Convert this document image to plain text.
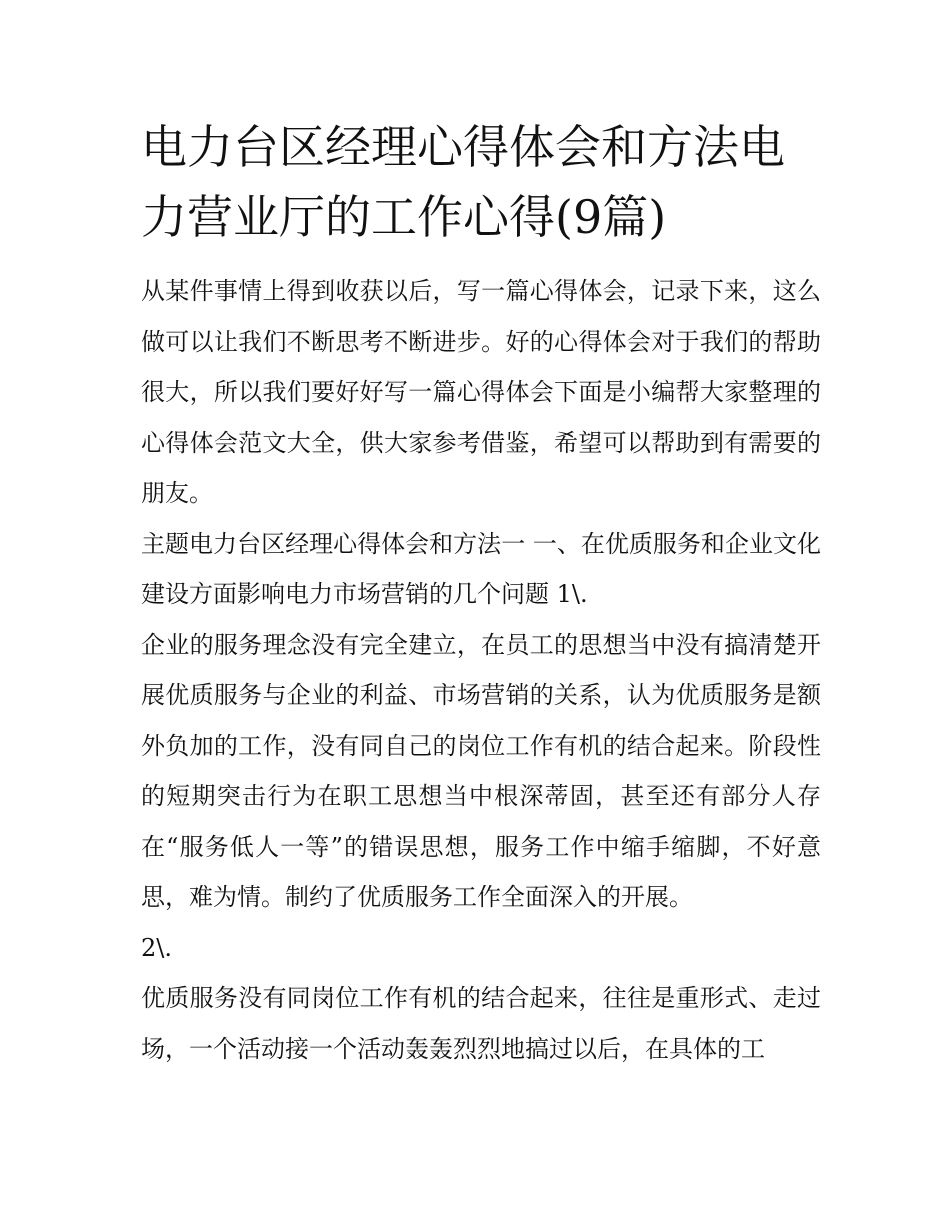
电力台区经理心得体会和方法电力营业厅的工作心得(9篇)

从某件事情上得到收获以后，写一篇心得体会，记录下来，这么做可以让我们不断思考不断进步。好的心得体会对于我们的帮助很大，所以我们要好好写一篇心得体会下面是小编帮大家整理的心得体会范文大全，供大家参考借鉴，希望可以帮助到有需要的朋友。

主题电力台区经理心得体会和方法一 一、在优质服务和企业文化建设方面影响电力市场营销的几个问题 1\.

企业的服务理念没有完全建立，在员工的思想当中没有搞清楚开展优质服务与企业的利益、市场营销的关系，认为优质服务是额外负加的工作，没有同自己的岗位工作有机的结合起来。阶段性的短期突击行为在职工思想当中根深蒂固，甚至还有部分人存在“服务低人一等”的错误思想，服务工作中缩手缩脚，不好意思，难为情。制约了优质服务工作全面深入的开展。

2\.

优质服务没有同岗位工作有机的结合起来，往往是重形式、走过场，一个活动接一个活动轰轰烈烈地搞过以后，在具体的工
